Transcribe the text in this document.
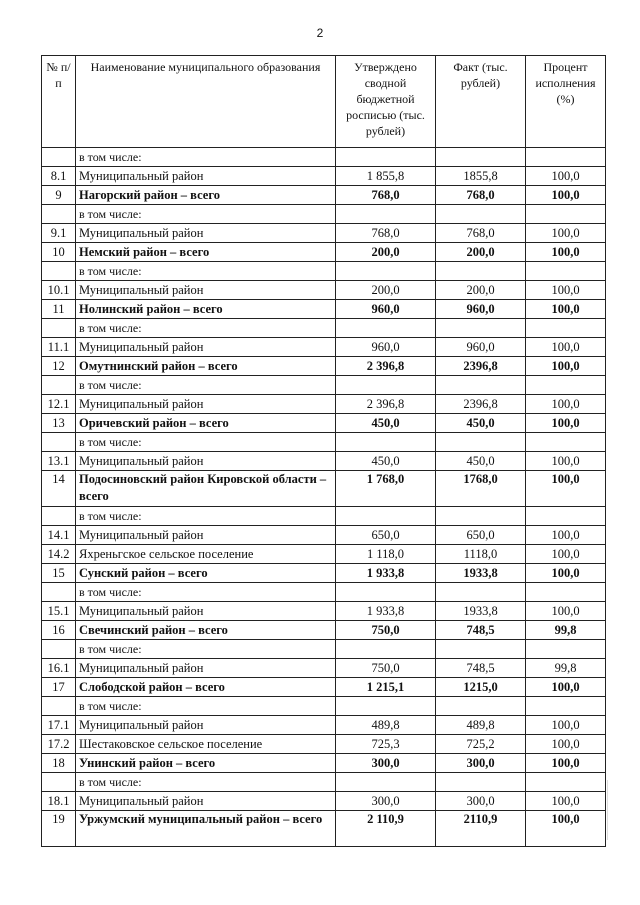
2
№ п/п	Наименование муниципального образования	Утверждено сводной бюджетной росписью (тыс. рублей)	Факт (тыс. рублей)	Процент исполнения (%)
	в том числе:			
8.1	Муниципальный район	1 855,8	1855,8	100,0
9	Нагорский район – всего	768,0	768,0	100,0
	в том числе:			
9.1	Муниципальный район	768,0	768,0	100,0
10	Немский район – всего	200,0	200,0	100,0
	в том числе:			
10.1	Муниципальный район	200,0	200,0	100,0
11	Нолинский район – всего	960,0	960,0	100,0
	в том числе:			
11.1	Муниципальный район	960,0	960,0	100,0
12	Омутнинский район – всего	2 396,8	2396,8	100,0
	в том числе:			
12.1	Муниципальный район	2 396,8	2396,8	100,0
13	Оричевский район – всего	450,0	450,0	100,0
	в том числе:			
13.1	Муниципальный район	450,0	450,0	100,0
14	Подосиновский район Кировской области – всего	1 768,0	1768,0	100,0
	в том числе:			
14.1	Муниципальный район	650,0	650,0	100,0
14.2	Яхреньгское сельское поселение	1 118,0	1118,0	100,0
15	Сунский район – всего	1 933,8	1933,8	100,0
	в том числе:			
15.1	Муниципальный район	1 933,8	1933,8	100,0
16	Свечинский район – всего	750,0	748,5	99,8
	в том числе:			
16.1	Муниципальный район	750,0	748,5	99,8
17	Слободской район – всего	1 215,1	1215,0	100,0
	в том числе:			
17.1	Муниципальный район	489,8	489,8	100,0
17.2	Шестаковское сельское поселение	725,3	725,2	100,0
18	Унинский район – всего	300,0	300,0	100,0
	в том числе:			
18.1	Муниципальный район	300,0	300,0	100,0
19	Уржумский муниципальный район – всего	2 110,9	2110,9	100,0
